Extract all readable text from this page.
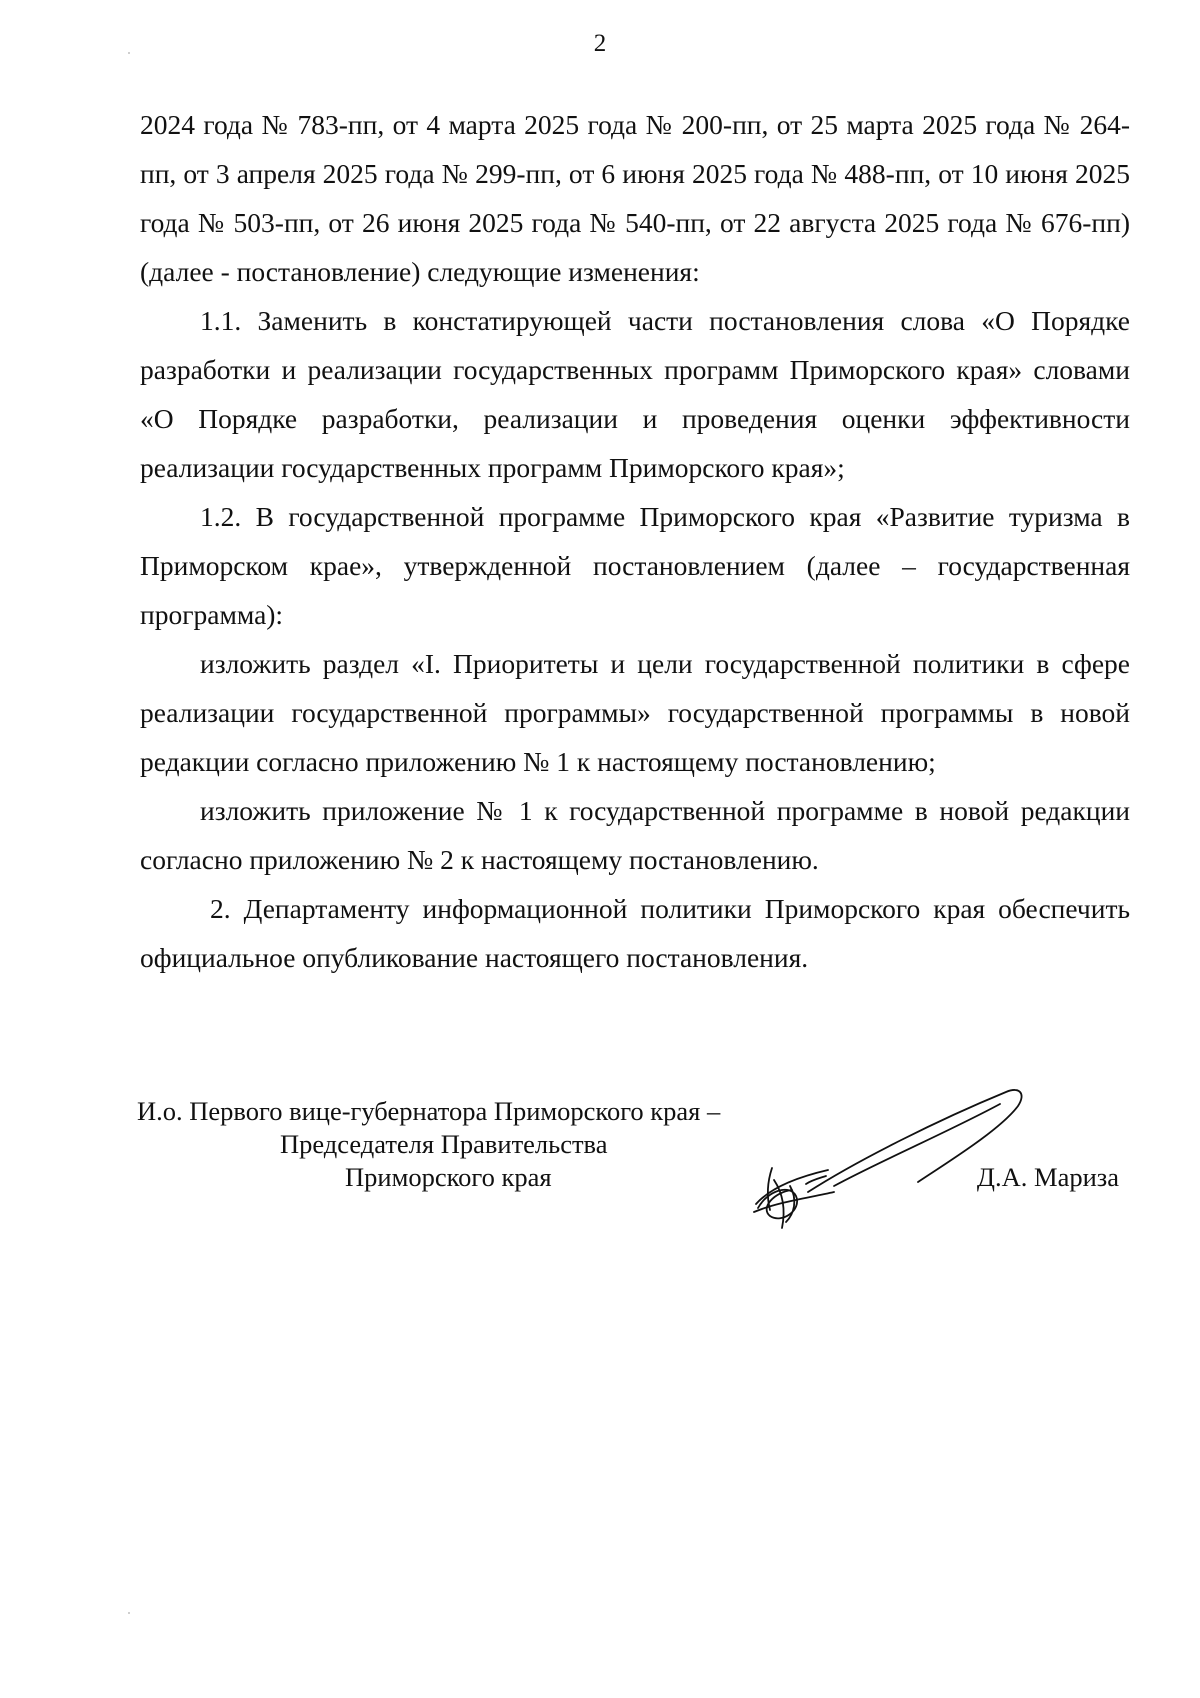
2

2024 года № 783-пп, от 4 марта 2025 года № 200-пп, от 25 марта 2025 года № 264-пп, от 3 апреля 2025 года № 299-пп, от 6 июня 2025 года № 488-пп, от 10 июня 2025 года № 503-пп, от 26 июня 2025 года № 540-пп, от 22 августа 2025 года № 676-пп) (далее - постановление) следующие изменения:

1.1. Заменить в констатирующей части постановления слова «О Порядке разработки и реализации государственных программ Приморского края» словами «О Порядке разработки, реализации и проведения оценки эффективности реализации государственных программ Приморского края»;

1.2. В государственной программе Приморского края «Развитие туризма в Приморском крае», утвержденной постановлением (далее – государственная программа):

изложить раздел «I. Приоритеты и цели государственной политики в сфере реализации государственной программы» государственной программы в новой редакции согласно приложению № 1 к настоящему постановлению;

изложить приложение № 1 к государственной программе в новой редакции согласно приложению № 2 к настоящему постановлению.

2. Департаменту информационной политики Приморского края обеспечить официальное опубликование настоящего постановления.

И.о. Первого вице-губернатора Приморского края –
Председателя Правительства
Приморского края	Д.А. Мариза
